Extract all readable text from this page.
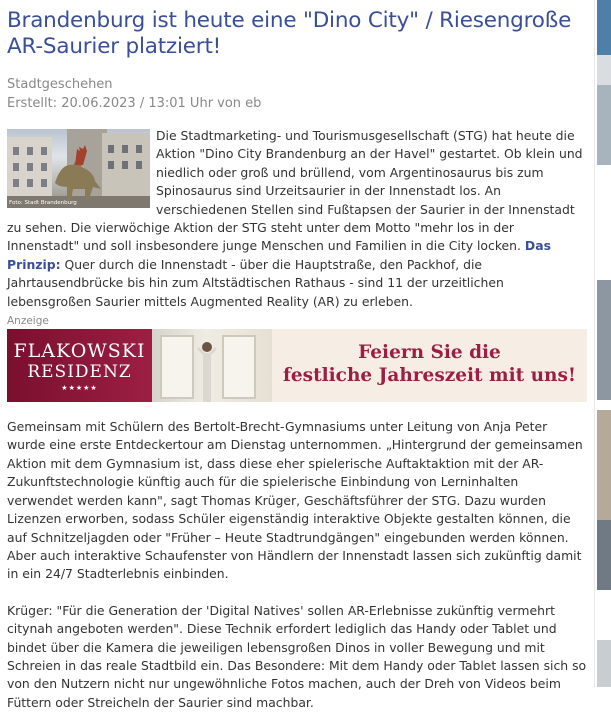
Brandenburg ist heute eine "Dino City" / Riesengroße AR-Saurier platziert!
Stadtgeschehen
Erstellt: 20.06.2023 / 13:01 Uhr von eb
Foto: Stadt Brandenburg
Die Stadtmarketing- und Tourismusgesellschaft (STG) hat heute die Aktion "Dino City Brandenburg an der Havel" gestartet. Ob klein und niedlich oder groß und brüllend, vom Argentinosaurus bis zum Spinosaurus sind Urzeitsaurier in der Innenstadt los. An verschiedenen Stellen sind Fußtapsen der Saurier in der Innenstadt zu sehen. Die vierwöchige Aktion der STG steht unter dem Motto "mehr los in der Innenstadt" und soll insbesondere junge Menschen und Familien in die City locken. Das Prinzip: Quer durch die Innenstadt - über die Hauptstraße, den Packhof, die Jahrtausendbrücke bis hin zum Altstädtischen Rathaus - sind 11 der urzeitlichen lebensgroßen Saurier mittels Augmented Reality (AR) zu erleben.
Anzeige
FLAKOWSKI
RESIDENZ
★★★★★
Feiern Sie die
festliche Jahreszeit mit uns!
Gemeinsam mit Schülern des Bertolt-Brecht-Gymnasiums unter Leitung von Anja Peter wurde eine erste Entdeckertour am Dienstag unternommen. „Hintergrund der gemeinsamen Aktion mit dem Gymnasium ist, dass diese eher spielerische Auftaktaktion mit der AR-Zukunftstechnologie künftig auch für die spielerische Einbindung von Lerninhalten verwendet werden kann", sagt Thomas Krüger, Geschäftsführer der STG. Dazu wurden Lizenzen erworben, sodass Schüler eigenständig interaktive Objekte gestalten können, die auf Schnitzeljagden oder "Früher – Heute Stadtrundgängen" eingebunden werden können. Aber auch interaktive Schaufenster von Händlern der Innenstadt lassen sich zukünftig damit in ein 24/7 Stadterlebnis einbinden.
Krüger: "Für die Generation der 'Digital Natives' sollen AR-Erlebnisse zukünftig vermehrt citynah angeboten werden". Diese Technik erfordert lediglich das Handy oder Tablet und bindet über die Kamera die jeweiligen lebensgroßen Dinos in voller Bewegung und mit Schreien in das reale Stadtbild ein. Das Besondere: Mit dem Handy oder Tablet lassen sich so von den Nutzern nicht nur ungewöhnliche Fotos machen, auch der Dreh von Videos beim Füttern oder Streicheln der Saurier sind machbar.
